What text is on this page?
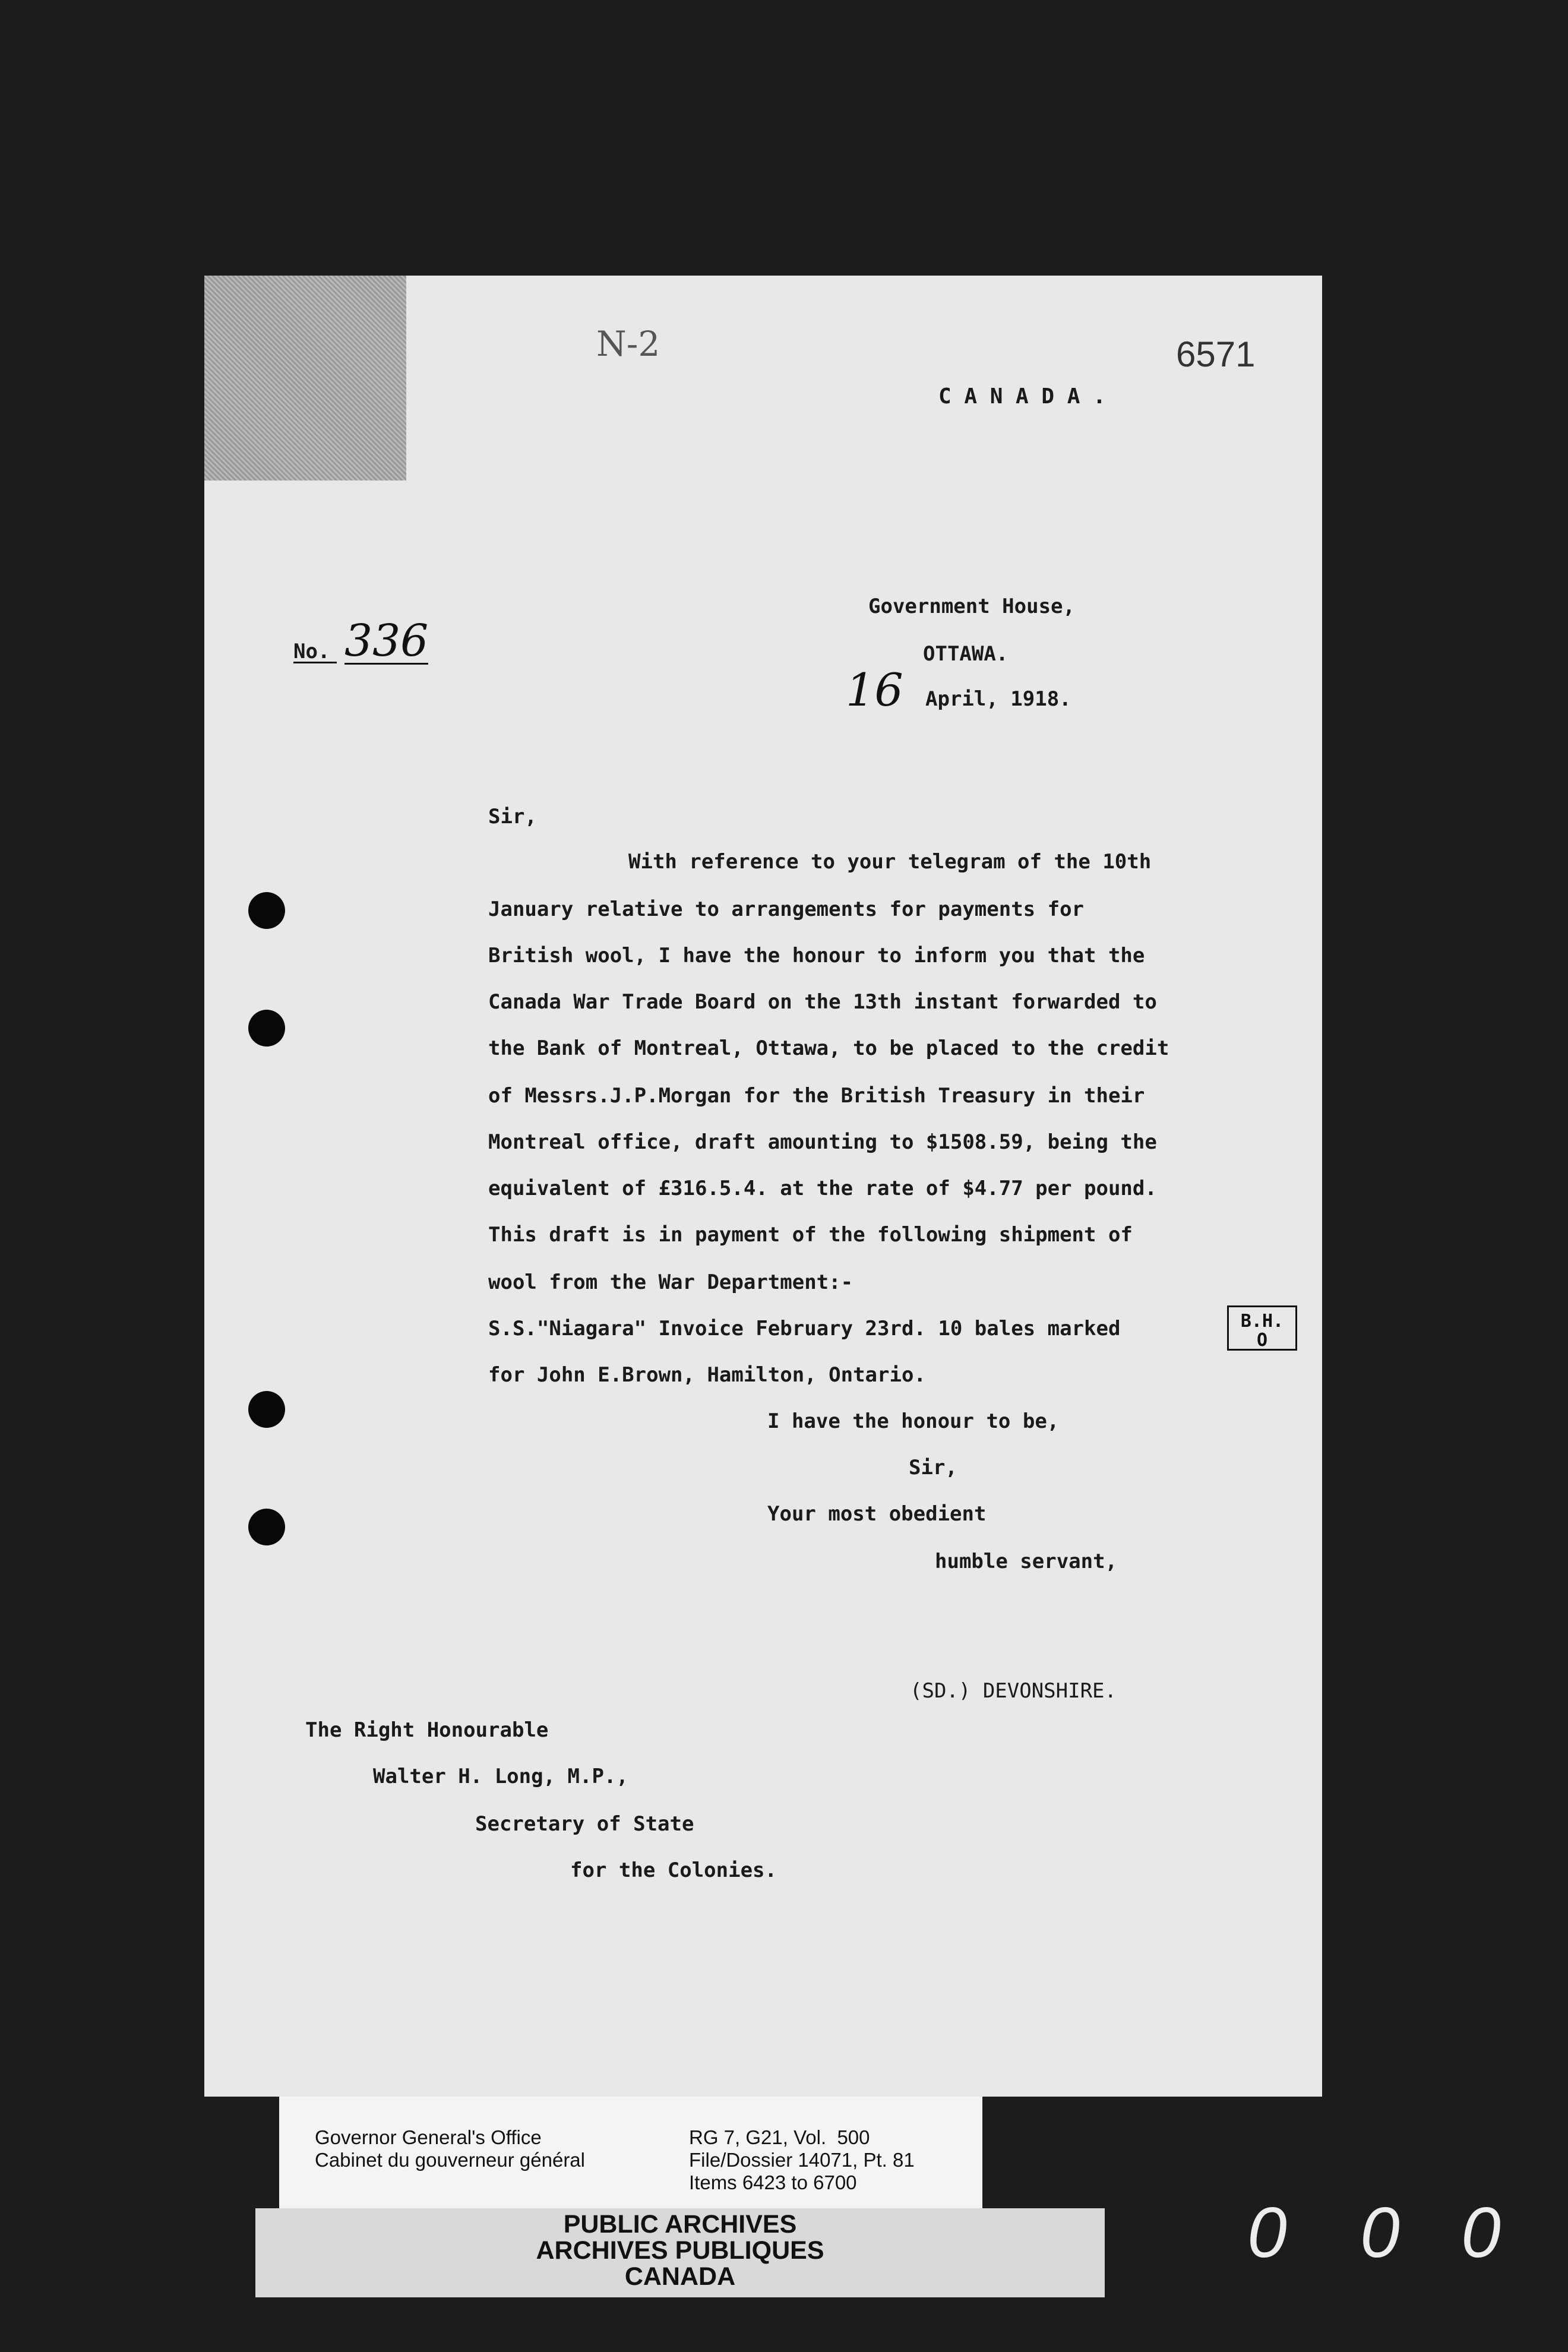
N-2	6571
C A N A D A .
Government House,
OTTAWA.
16 April, 1918.
No. 336
Sir,
With reference to your telegram of the 10th
January relative to arrangements for payments for
British wool, I have the honour to inform you that the
Canada War Trade Board on the 13th instant forwarded to
the Bank of Montreal, Ottawa, to be placed to the credit
of Messrs.J.P.Morgan for the British Treasury in their
Montreal office, draft amounting to $1508.59, being the
equivalent of £316.5.4. at the rate of $4.77 per pound.
This draft is in payment of the following shipment of
wool from the War Department:-
S.S."Niagara" Invoice February 23rd. 10 bales marked
for John E.Brown, Hamilton, Ontario.
B.H.
O
I have the honour to be,
Sir,
Your most obedient
humble servant,
(SD.) DEVONSHIRE.
The Right Honourable
Walter H. Long, M.P.,
Secretary of State
for the Colonies.
Governor General's Office
Cabinet du gouverneur général
RG 7, G21, Vol.  500
File/Dossier 14071, Pt. 81
Items 6423 to 6700
PUBLIC ARCHIVES
ARCHIVES PUBLIQUES
CANADA
0 0 0
